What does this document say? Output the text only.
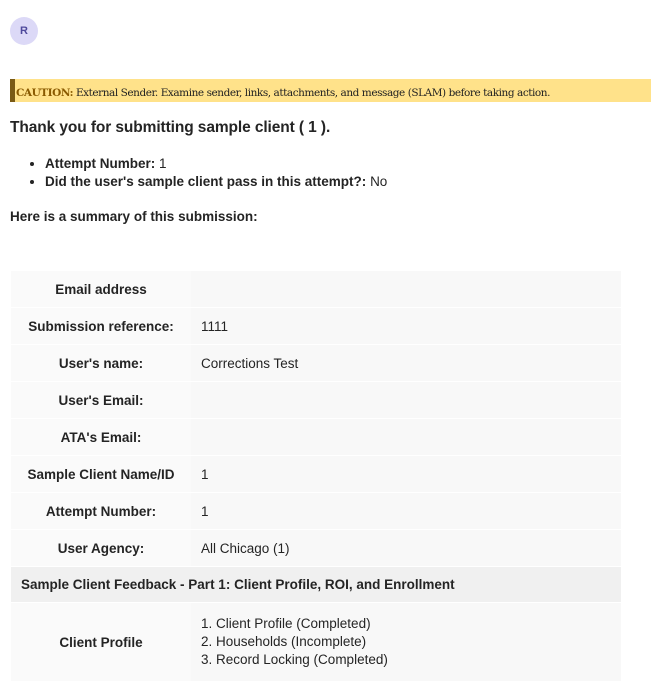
R
CAUTION: External Sender. Examine sender, links, attachments, and message (SLAM) before taking action.
Thank you for submitting sample client ( 1 ).
• Attempt Number: 1
• Did the user's sample client pass in this attempt?: No
Here is a summary of this submission:
Email address	
Submission reference:	1111
User's name:	Corrections Test
User's Email:	
ATA's Email:	
Sample Client Name/ID	1
Attempt Number:	1
User Agency:	All Chicago (1)
Sample Client Feedback - Part 1: Client Profile, ROI, and Enrollment	
Client Profile	1. Client Profile (Completed)
2. Households (Incomplete)
3. Record Locking (Completed)
